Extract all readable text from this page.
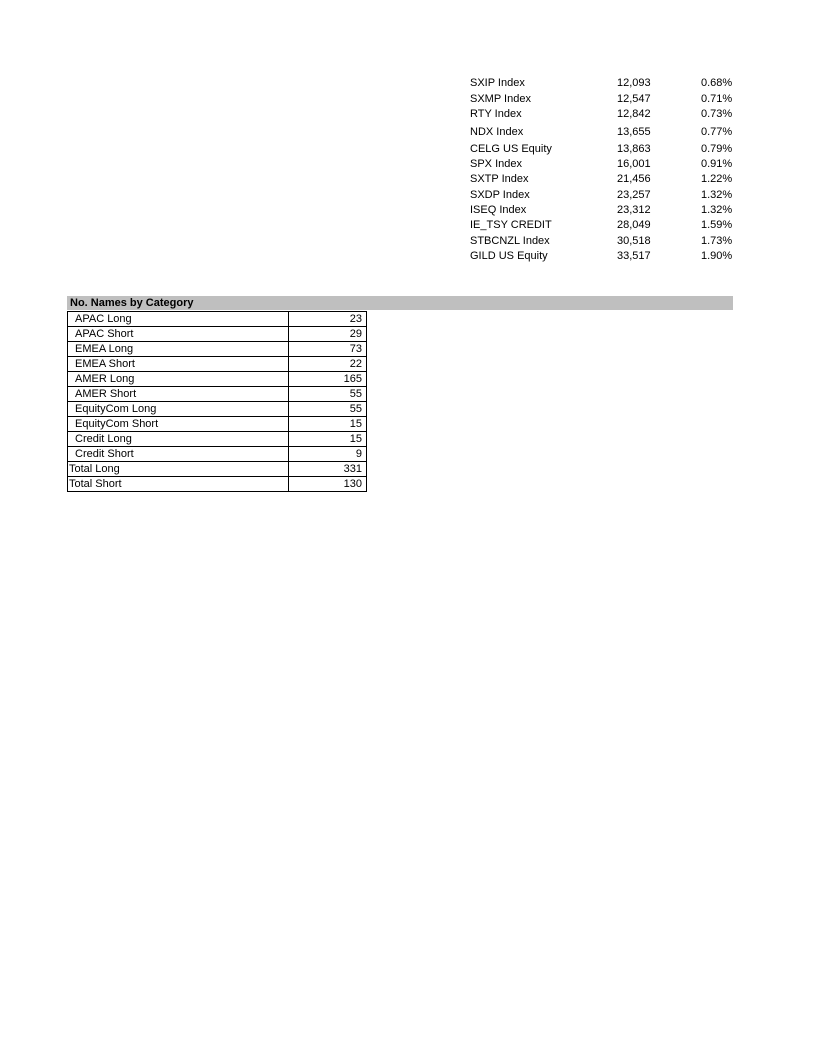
SXIP Index	12,093	0.68%
SXMP Index	12,547	0.71%
RTY Index	12,842	0.73%
NDX Index	13,655	0.77%
CELG US Equity	13,863	0.79%
SPX Index	16,001	0.91%
SXTP Index	21,456	1.22%
SXDP Index	23,257	1.32%
ISEQ Index	23,312	1.32%
IE_TSY CREDIT	28,049	1.59%
STBCNZL Index	30,518	1.73%
GILD US Equity	33,517	1.90%
No. Names by Category
APAC Long	23
APAC Short	29
EMEA Long	73
EMEA Short	22
AMER Long	165
AMER Short	55
EquityCom Long	55
EquityCom Short	15
Credit Long	15
Credit Short	9
Total Long	331
Total Short	130
